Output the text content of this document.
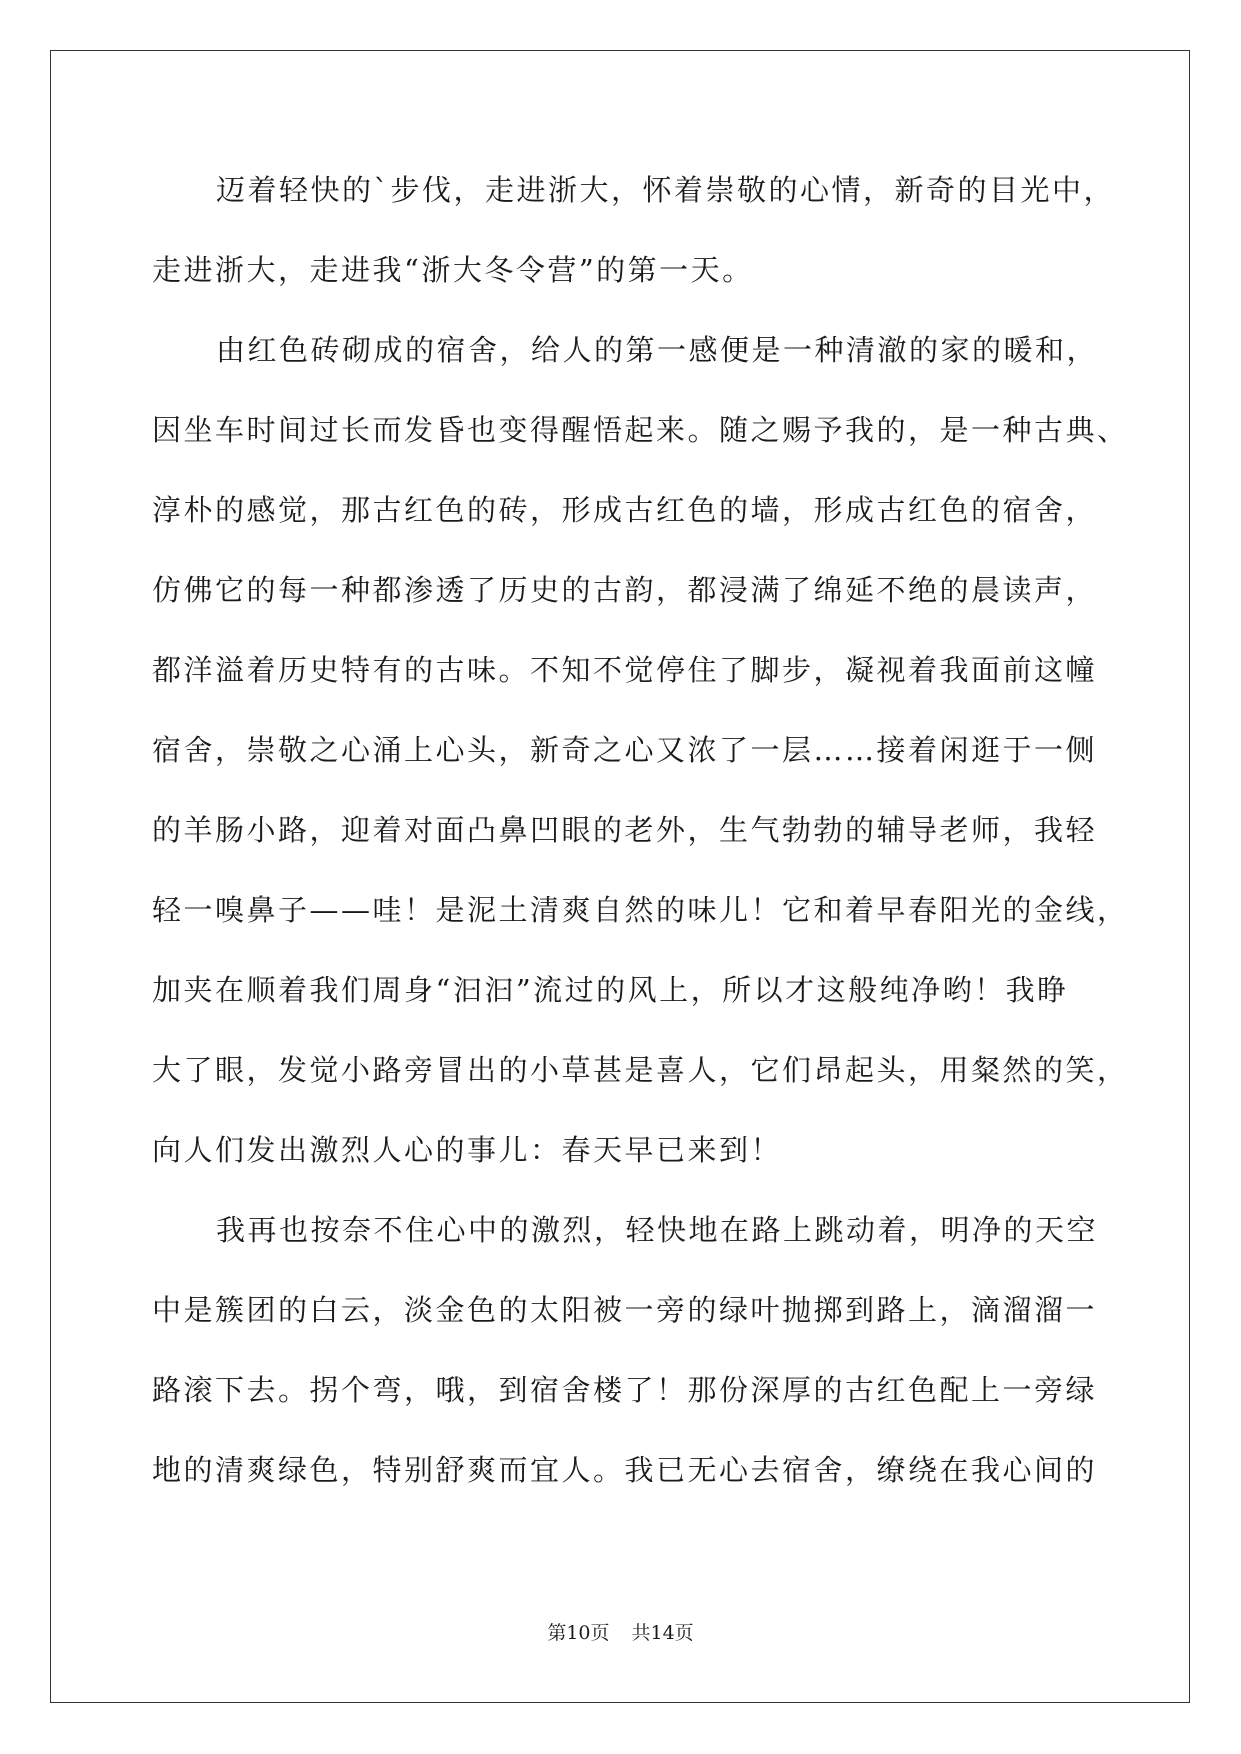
迈着轻快的`步伐，走进浙大，怀着崇敬的心情，新奇的目光中，
走进浙大，走进我“浙大冬令营”的第一天。
由红色砖砌成的宿舍，给人的第一感便是一种清澈的家的暖和，
因坐车时间过长而发昏也变得醒悟起来。随之赐予我的，是一种古典、
淳朴的感觉，那古红色的砖，形成古红色的墙，形成古红色的宿舍，
仿佛它的每一种都渗透了历史的古韵，都浸满了绵延不绝的晨读声，
都洋溢着历史特有的古味。不知不觉停住了脚步，凝视着我面前这幢
宿舍，崇敬之心涌上心头，新奇之心又浓了一层……接着闲逛于一侧
的羊肠小路，迎着对面凸鼻凹眼的老外，生气勃勃的辅导老师，我轻
轻一嗅鼻子——哇！是泥土清爽自然的味儿！它和着早春阳光的金线，
加夹在顺着我们周身“汩汩”流过的风上，所以才这般纯净哟！我睁
大了眼，发觉小路旁冒出的小草甚是喜人，它们昂起头，用粲然的笑，
向人们发出激烈人心的事儿：春天早已来到！
我再也按奈不住心中的激烈，轻快地在路上跳动着，明净的天空
中是簇团的白云，淡金色的太阳被一旁的绿叶抛掷到路上，滴溜溜一
路滚下去。拐个弯，哦，到宿舍楼了！那份深厚的古红色配上一旁绿
地的清爽绿色，特别舒爽而宜人。我已无心去宿舍，缭绕在我心间的
第10页 共14页
